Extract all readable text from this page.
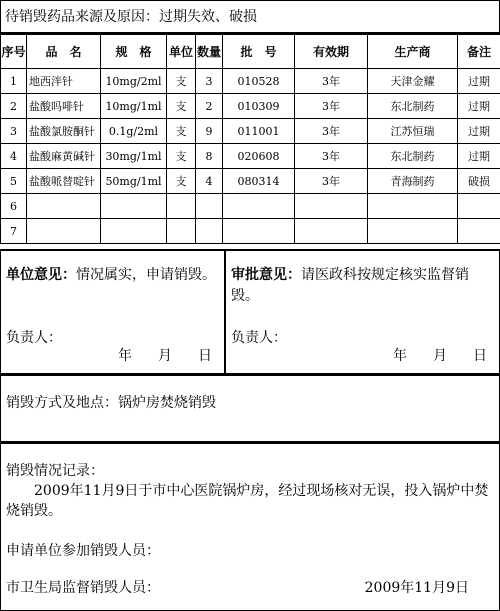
待销毁药品来源及原因：过期失效、破损
序号	品　名	规　格	单位	数量	批　号	有效期	生产商	备注
1	地西泮针	10mg/2ml	支	3	010528	3年	天津金耀	过期
2	盐酸吗啡针	10mg/1ml	支	2	010309	3年	东北制药	过期
3	盐酸氯胺酮针	0.1g/2ml	支	9	011001	3年	江苏恒瑞	过期
4	盐酸麻黄碱针	30mg/1ml	支	8	020608	3年	东北制药	过期
5	盐酸哌替啶针	50mg/1ml	支	4	080314	3年	青海制药	破损
6								
7								
单位意见：情况属实，申请销毁。
负责人：
年 月 日
审批意见：请医政科按规定核实监督销毁。
负责人：
年 月 日
销毁方式及地点：锅炉房焚烧销毁
销毁情况记录：
2009年11月9日于市中心医院锅炉房，经过现场核对无误，投入锅炉中焚烧销毁。
申请单位参加销毁人员：
市卫生局监督销毁人员：	2009年11月9日
